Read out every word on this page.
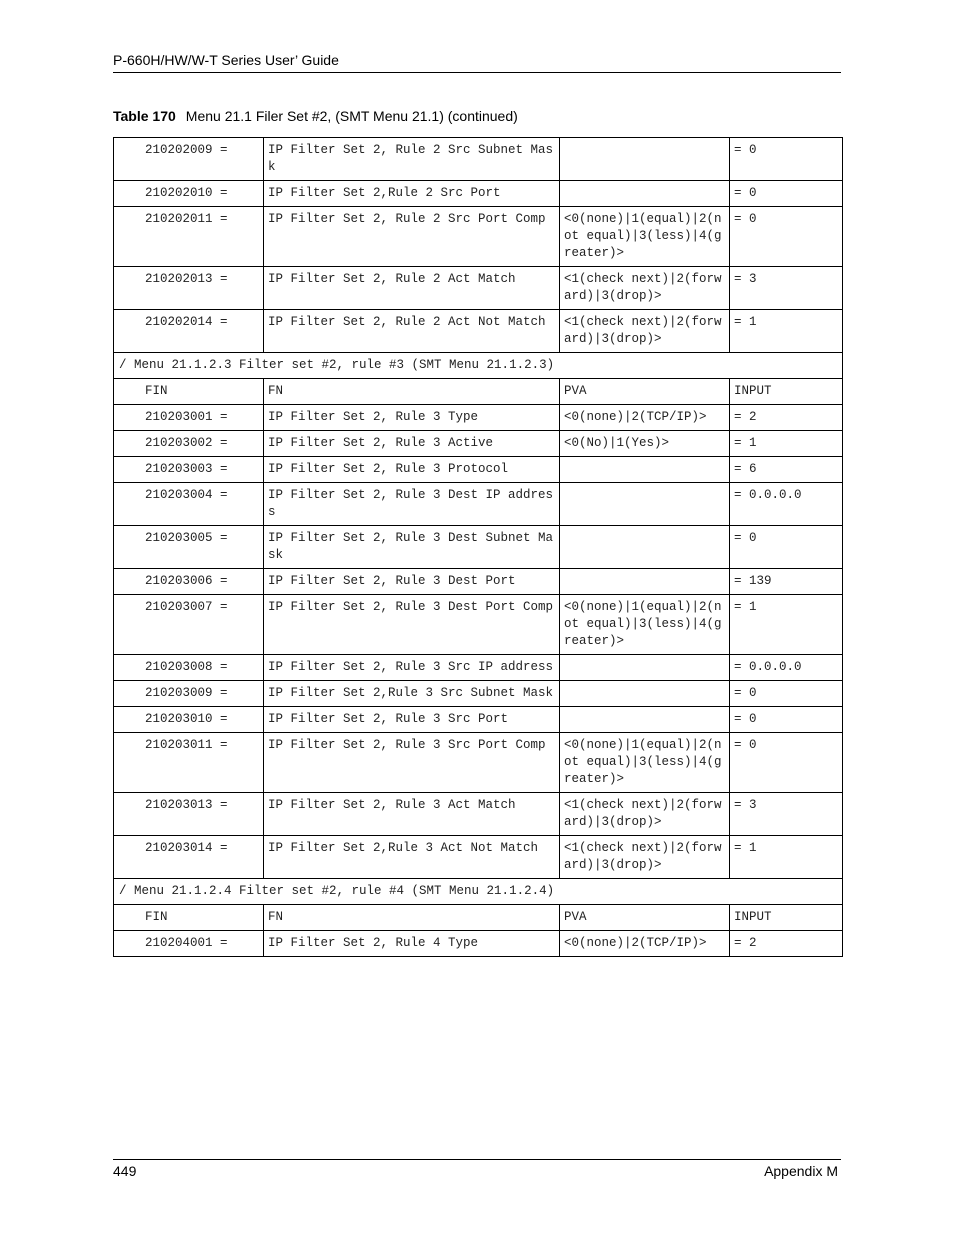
P-660H/HW/W-T Series User’ Guide
Table 170 Menu 21.1 Filer Set #2, (SMT Menu 21.1) (continued)
210202009 =	IP Filter Set 2, Rule 2 Src Subnet Mask		= 0
210202010 =	IP Filter Set 2,Rule 2 Src Port		= 0
210202011 =	IP Filter Set 2, Rule 2 Src Port Comp	<0(none)|1(equal)|2(not equal)|3(less)|4(greater)>	= 0
210202013 =	IP Filter Set 2, Rule 2 Act Match	<1(check next)|2(forward)|3(drop)>	= 3
210202014 =	IP Filter Set 2, Rule 2 Act Not Match	<1(check next)|2(forward)|3(drop)>	= 1
/ Menu 21.1.2.3 Filter set #2, rule #3 (SMT Menu 21.1.2.3)			
FIN	FN	PVA	INPUT
210203001 =	IP Filter Set 2, Rule 3 Type	<0(none)|2(TCP/IP)>	= 2
210203002 =	IP Filter Set 2, Rule 3 Active	<0(No)|1(Yes)>	= 1
210203003 =	IP Filter Set 2, Rule 3 Protocol		= 6
210203004 =	IP Filter Set 2, Rule 3 Dest IP address		= 0.0.0.0
210203005 =	IP Filter Set 2, Rule 3 Dest Subnet Mask		= 0
210203006 =	IP Filter Set 2, Rule 3 Dest Port		= 139
210203007 =	IP Filter Set 2, Rule 3 Dest Port Comp	<0(none)|1(equal)|2(not equal)|3(less)|4(greater)>	= 1
210203008 =	IP Filter Set 2, Rule 3 Src IP address		= 0.0.0.0
210203009 =	IP Filter Set 2,Rule 3 Src Subnet Mask		= 0
210203010 =	IP Filter Set 2, Rule 3 Src Port		= 0
210203011 =	IP Filter Set 2, Rule 3 Src Port Comp	<0(none)|1(equal)|2(not equal)|3(less)|4(greater)>	= 0
210203013 =	IP Filter Set 2, Rule 3 Act Match	<1(check next)|2(forward)|3(drop)>	= 3
210203014 =	IP Filter Set 2,Rule 3 Act Not Match	<1(check next)|2(forward)|3(drop)>	= 1
/ Menu 21.1.2.4 Filter set #2, rule #4 (SMT Menu 21.1.2.4)			
FIN	FN	PVA	INPUT
210204001 =	IP Filter Set 2, Rule 4 Type	<0(none)|2(TCP/IP)>	= 2
449	Appendix M
